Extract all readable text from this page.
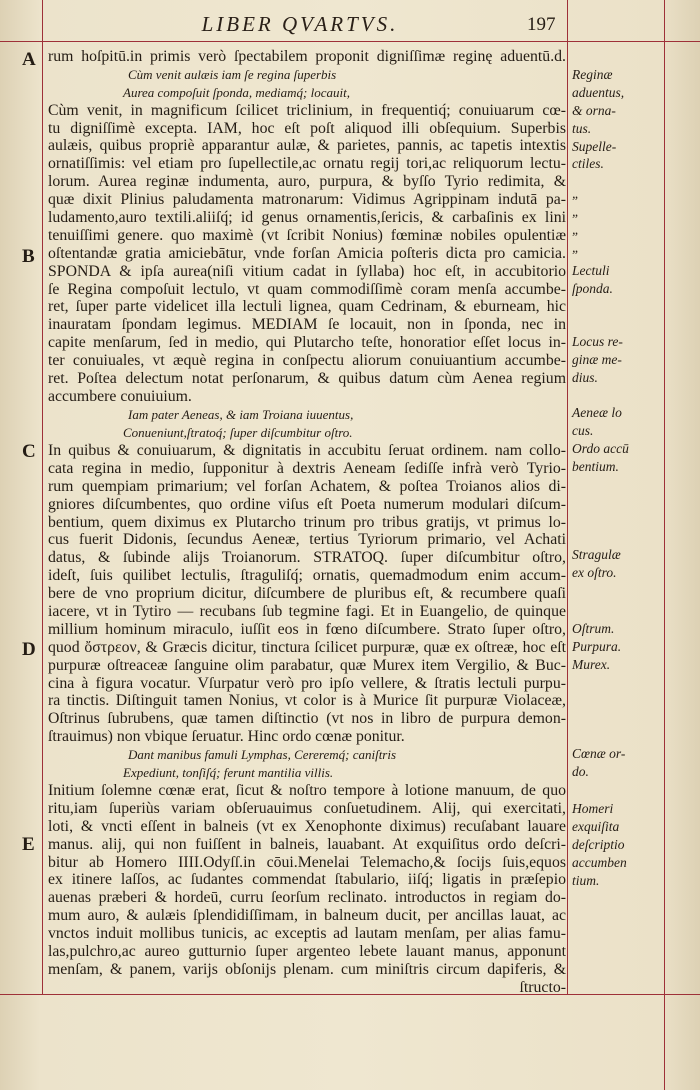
LIBER QVARTVS.	197
A
B
C
D
E
rum hoſpitū.in primis verò ſpectabilem proponit digniſſimæ reginę aduentū.d.
Cùm venit aulæis iam ſe regina ſuperbis
Aurea compoſuit ſponda, mediamq́; locauit,
Cùm venit, in magnificum ſcilicet triclinium, in frequentiq́; conuiuarum cœ-
tu digniſſimè excepta. IAM, hoc eſt poſt aliquod illi obſequium. Superbis
aulæis, quibus propriè apparantur aulæ, & parietes, pannis, ac tapetis intextis
ornatiſſimis: vel etiam pro ſupellectile,ac ornatu regij tori,ac reliquorum lectu-
lorum. Aurea reginæ indumenta, auro, purpura, & byſſo Tyrio redimita, &
quæ dixit Plinius paludamenta matronarum: Vidimus Agrippinam indutā pa-
ludamento,auro textili.aliiſq́; id genus ornamentis,ſericis, & carbaſinis ex lini
tenuiſſimi genere. quo maximè (vt ſcribit Nonius) fœminæ nobiles opulentiæ
oſtentandæ gratia amiciebātur, vnde forſan Amicia poſteris dicta pro camicia.
SPONDA & ipſa aurea(niſi vitium cadat in ſyllaba) hoc eſt, in accubitorio
ſe Regina compoſuit lectulo, vt quam commodiſſimè coram menſa accumbe-
ret, ſuper parte videlicet illa lectuli lignea, quam Cedrinam, & eburneam, hic
inauratam ſpondam legimus. MEDIAM ſe locauit, non in ſponda, nec in
capite menſarum, ſed in medio, qui Plutarcho teſte, honoratior eſſet locus in-
ter conuiuales, vt æquè regina in conſpectu aliorum conuiuantium accumbe-
ret. Poſtea delectum notat perſonarum, & quibus datum cùm Aenea regium
accumbere conuiuium.
Iam pater Aeneas, & iam Troiana iuuentus,
Conueniunt,ſtratoq́; ſuper diſcumbitur oſtro.
In quibus & conuiuarum, & dignitatis in accubitu ſeruat ordinem. nam collo-
cata regina in medio, ſupponitur à dextris Aeneam ſediſſe infrà verò Tyrio-
rum quempiam primarium; vel forſan Achatem, & poſtea Troianos alios di-
gniores diſcumbentes, quo ordine viſus eſt Poeta numerum modulari diſcum-
bentium, quem diximus ex Plutarcho trinum pro tribus gratijs, vt primus lo-
cus fuerit Didonis, ſecundus Aeneæ, tertius Tyriorum primario, vel Achati
datus, & ſubinde alijs Troianorum. STRATOQ. ſuper diſcumbitur oſtro,
ideſt, ſuis quilibet lectulis, ſtraguliſq́; ornatis, quemadmodum enim accum-
bere de vno proprium dicitur, diſcumbere de pluribus eſt, & recumbere quaſi
iacere, vt in Tytiro — recubans ſub tegmine fagi. Et in Euangelio, de quinque
millium hominum miraculo, iuſſit eos in fœno diſcumbere. Strato ſuper oſtro,
quod ὄστρεον, & Græcis dicitur, tinctura ſcilicet purpuræ, quæ ex oſtreæ, hoc eſt
purpuræ oſtreaceæ ſanguine olim parabatur, quæ Murex item Vergilio, & Buc-
cina à figura vocatur. Vſurpatur verò pro ipſo vellere, & ſtratis lectuli purpu-
ra tinctis. Diſtinguit tamen Nonius, vt color is à Murice ſit purpuræ Violaceæ,
Oſtrinus ſubrubens, quæ tamen diſtinctio (vt nos in libro de purpura demon-
ſtrauimus) non vbique ſeruatur. Hinc ordo cœnæ ponitur.
Dant manibus famuli Lymphas, Cereremq́; caniſtris
Expediunt, tonſiſq́; ferunt mantilia villis.
Initium ſolemne cœnæ erat, ſicut & noſtro tempore à lotione manuum, de quo
ritu,iam ſuperiùs variam obſeruauimus conſuetudinem. Alij, qui exercitati,
loti, & vncti eſſent in balneis (vt ex Xenophonte diximus) recuſabant lauare
manus. alij, qui non fuiſſent in balneis, lauabant. At exquiſitus ordo deſcri-
bitur ab Homero IIII.Odyſſ.in cōui.Menelai Telemacho,& ſocijs ſuis,equos
ex itinere laſſos, ac ſudantes commendat ſtabulario, iiſq́; ligatis in præſepio
auenas præberi & hordeū, curru ſeorſum reclinato. introductos in regiam do-
mum auro, & aulæis ſplendidiſſimam, in balneum ducit, per ancillas lauat, ac
vnctos induit mollibus tunicis, ac exceptis ad lautam menſam, per alias famu-
las,pulchro,ac aureo gutturnio ſuper argenteo lebete lauant manus, apponunt
menſam, & panem, varijs obſonijs plenam. cum miniſtris circum dapiferis, &
ſtructo-
Reginæ
aduentus,
& orna-
tus.
Supelle-
ctiles.
„
„
„
„
Lectuli
ſponda.
Locus re-
ginæ me-
dius.
Aeneæ lo
cus.
Ordo accū
bentium.
Stragulæ
ex oſtro.
Oſtrum.
Purpura.
Murex.
Cœnæ or-
do.
Homeri
exquiſita
deſcriptio
accumben
tium.
